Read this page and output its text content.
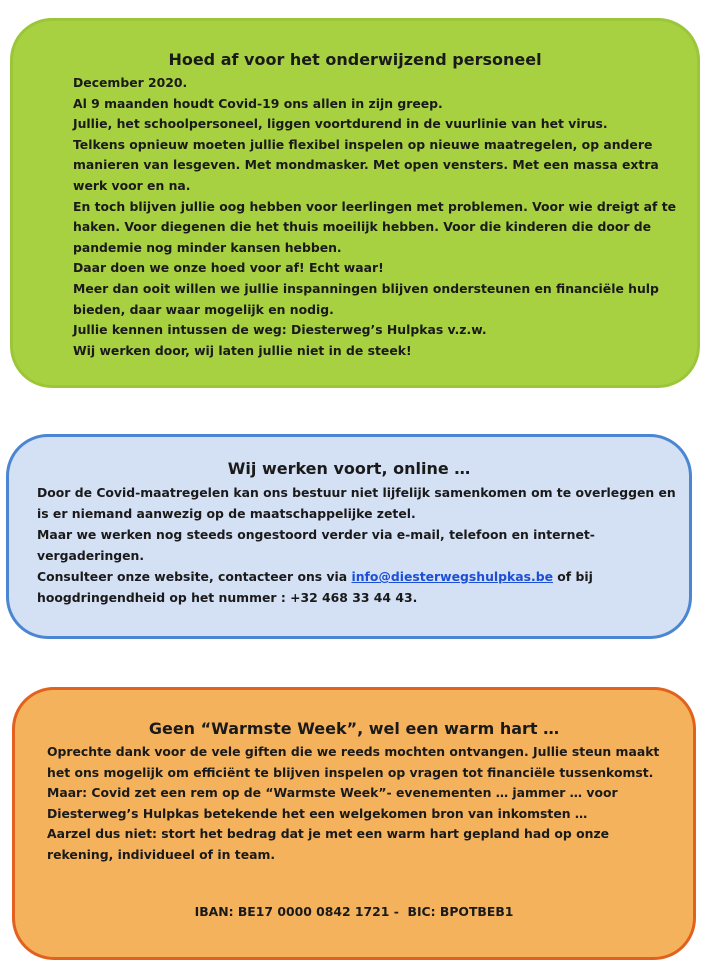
Hoed af voor het onderwijzend personeel

December 2020.

Al 9 maanden houdt Covid-19 ons allen in zijn greep.

Jullie, het schoolpersoneel, liggen voortdurend in de vuurlinie van het virus.

Telkens opnieuw moeten jullie flexibel inspelen op nieuwe maatregelen, op andere manieren van lesgeven. Met mondmasker. Met open vensters. Met een massa extra werk voor en na.

En toch blijven jullie oog hebben voor leerlingen met problemen. Voor wie dreigt af te haken. Voor diegenen die het thuis moeilijk hebben. Voor die kinderen die door de pandemie nog minder kansen hebben.

Daar doen we onze hoed voor af! Echt waar!

Meer dan ooit willen we jullie inspanningen blijven ondersteunen en financiële hulp bieden, daar waar mogelijk en nodig.

Jullie kennen intussen de weg: Diesterweg’s Hulpkas v.z.w.

Wij werken door, wij laten jullie niet in de steek!

Wij werken voort, online …

Door de Covid-maatregelen kan ons bestuur niet lijfelijk samenkomen om te overleggen en is er niemand aanwezig op de maatschappelijke zetel.

Maar we werken nog steeds ongestoord verder via e-mail, telefoon en internet-vergaderingen.

Consulteer onze website, contacteer ons via info@diesterwegshulpkas.be of bij hoogdringendheid op het nummer : +32 468 33 44 43.

Geen “Warmste Week”, wel een warm hart …

Oprechte dank voor de vele giften die we reeds mochten ontvangen. Jullie steun maakt het ons mogelijk om efficiënt te blijven inspelen op vragen tot financiële tussenkomst.

Maar: Covid zet een rem op de “Warmste Week”- evenementen … jammer … voor Diesterweg’s Hulpkas betekende het een welgekomen bron van inkomsten …

Aarzel dus niet: stort het bedrag dat je met een warm hart gepland had op onze rekening, individueel of in team.

IBAN: BE17 0000 0842 1721 -  BIC: BPOTBEB1
